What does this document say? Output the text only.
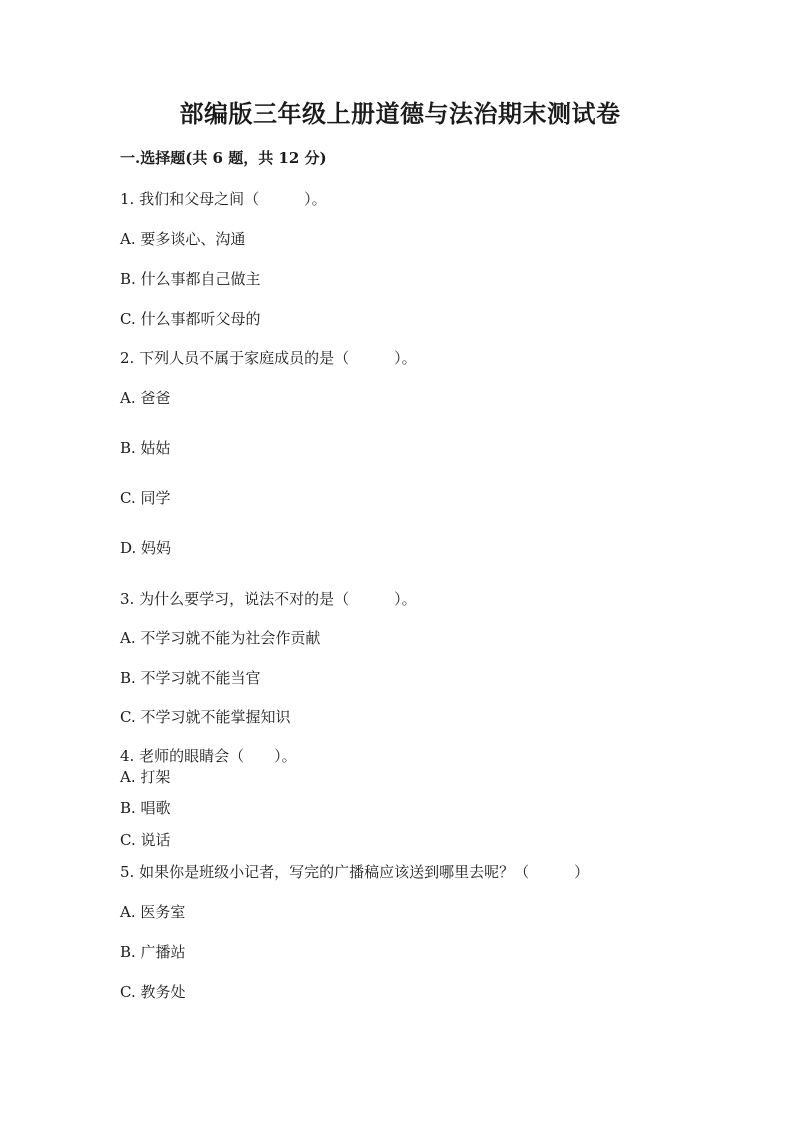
部编版三年级上册道德与法治期末测试卷
一.选择题(共 6 题，共 12 分)
1. 我们和父母之间（　　　）。
A. 要多谈心、沟通
B. 什么事都自己做主
C. 什么事都听父母的
2. 下列人员不属于家庭成员的是（　　　）。
A. 爸爸
B. 姑姑
C. 同学
D. 妈妈
3. 为什么要学习，说法不对的是（　　　）。
A. 不学习就不能为社会作贡献
B. 不学习就不能当官
C. 不学习就不能掌握知识
4. 老师的眼睛会（　　）。
A. 打架
B. 唱歌
C. 说话
5. 如果你是班级小记者，写完的广播稿应该送到哪里去呢？（　　　）
A. 医务室
B. 广播站
C. 教务处
